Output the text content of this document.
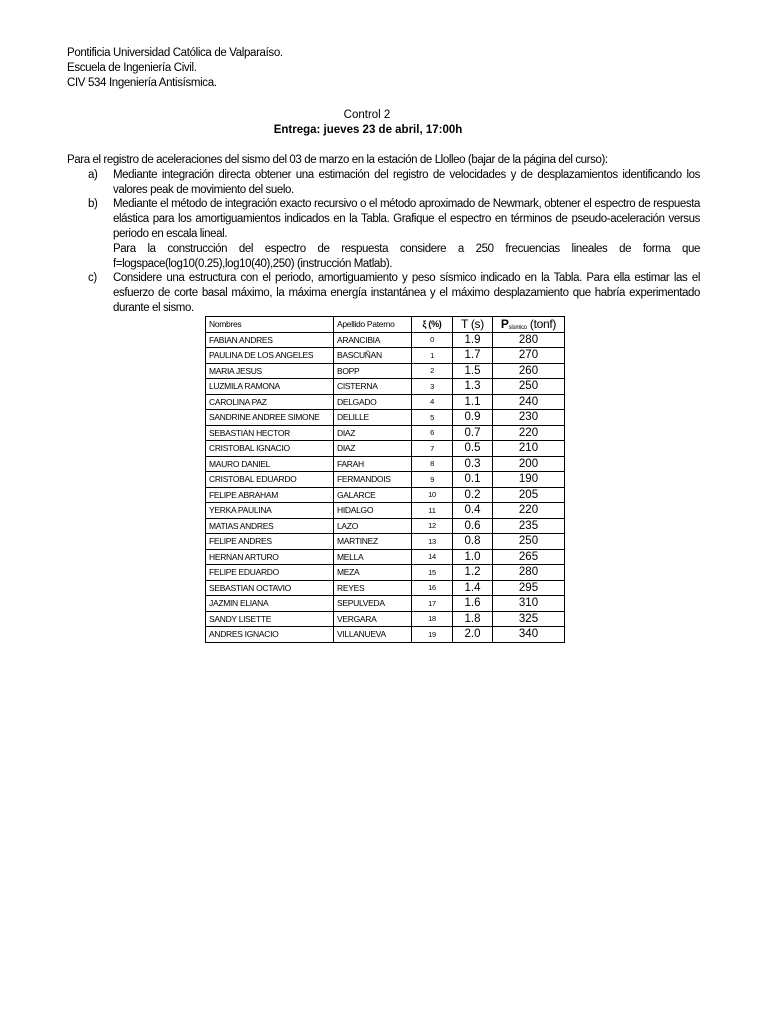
Pontificia Universidad Católica de Valparaíso.
Escuela de Ingeniería Civil.
CIV 534 Ingeniería Antisísmica.
Control 2
Entrega: jueves 23 de abril, 17:00h
Para el registro de aceleraciones del sismo del 03 de marzo en la estación de Llolleo (bajar de la página del curso):
a) Mediante integración directa obtener una estimación del registro de velocidades y de desplazamientos identificando los valores peak de movimiento del suelo.

b) Mediante el método de integración exacto recursivo o el método aproximado de Newmark, obtener el espectro de respuesta elástica para los amortiguamientos indicados en la Tabla. Grafique el espectro en términos de pseudo-aceleración versus periodo en escala lineal.

Para la construcción del espectro de respuesta considere a 250 frecuencias lineales de forma que f=logspace(log10(0.25),log10(40),250) (instrucción Matlab).

c) Considere una estructura con el periodo, amortiguamiento y peso sísmico indicado en la Tabla. Para ella estimar las el esfuerzo de corte basal máximo, la máxima energía instantánea y el máximo desplazamiento que habría experimentado durante el sismo.

Nombres	Apellido Paterno	ξ (%)	T (s)	Psísmico (tonf)
FABIAN ANDRES	ARANCIBIA	0	1.9	280
PAULINA DE LOS ANGELES	BASCUÑAN	1	1.7	270
MARIA JESUS	BOPP	2	1.5	260
LUZMILA RAMONA	CISTERNA	3	1.3	250
CAROLINA PAZ	DELGADO	4	1.1	240
SANDRINE ANDREE SIMONE	DELILLE	5	0.9	230
SEBASTIAN HECTOR	DIAZ	6	0.7	220
CRISTOBAL IGNACIO	DIAZ	7	0.5	210
MAURO DANIEL	FARAH	8	0.3	200
CRISTOBAL EDUARDO	FERMANDOIS	9	0.1	190
FELIPE ABRAHAM	GALARCE	10	0.2	205
YERKA PAULINA	HIDALGO	11	0.4	220
MATIAS ANDRES	LAZO	12	0.6	235
FELIPE ANDRES	MARTINEZ	13	0.8	250
HERNAN ARTURO	MELLA	14	1.0	265
FELIPE EDUARDO	MEZA	15	1.2	280
SEBASTIAN OCTAVIO	REYES	16	1.4	295
JAZMIN ELIANA	SEPULVEDA	17	1.6	310
SANDY LISETTE	VERGARA	18	1.8	325
ANDRES IGNACIO	VILLANUEVA	19	2.0	340
